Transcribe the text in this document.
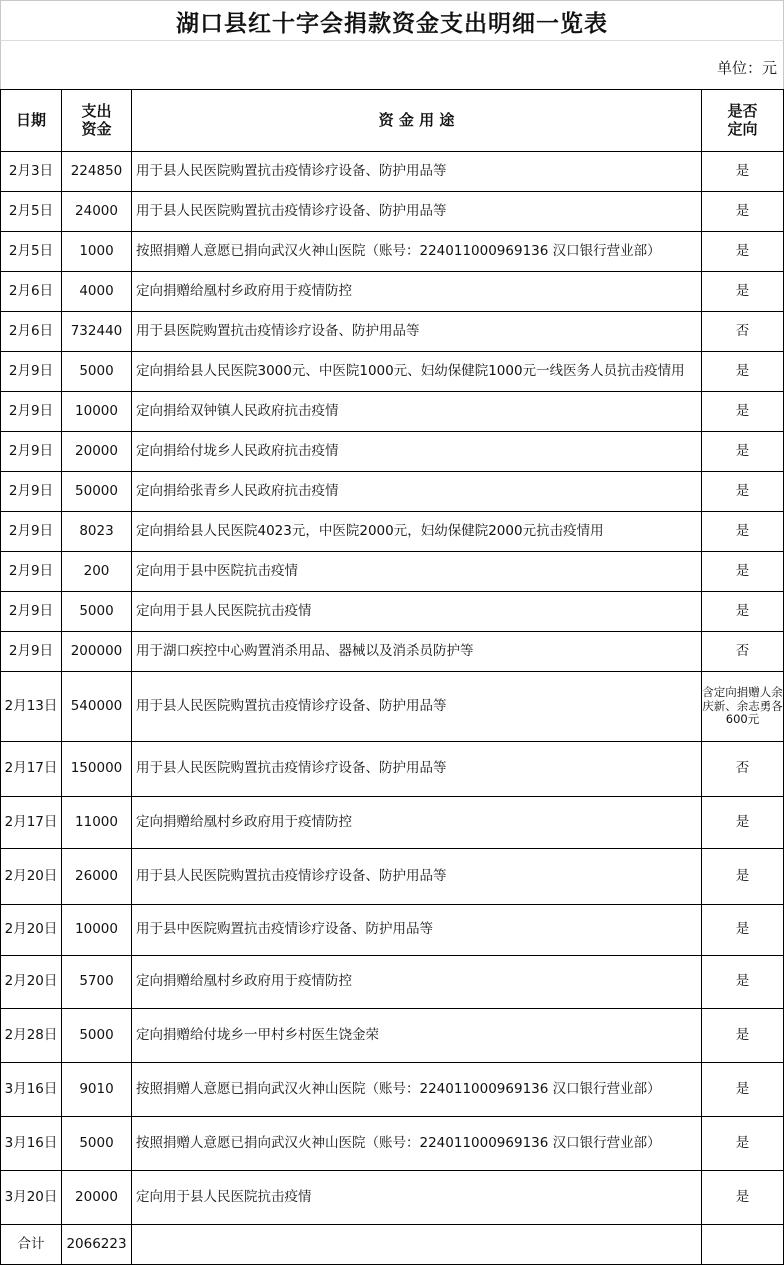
湖口县红十字会捐款资金支出明细一览表
单位：元
日期	支出资金	资 金 用 途	是否定向

2月3日	224850	用于县人民医院购置抗击疫情诊疗设备、防护用品等	是
2月5日	24000	用于县人民医院购置抗击疫情诊疗设备、防护用品等	是
2月5日	1000	按照捐赠人意愿已捐向武汉火神山医院（账号：224011000969136 汉口银行营业部）	是
2月6日	4000	定向捐赠给凰村乡政府用于疫情防控	是
2月6日	732440	用于县医院购置抗击疫情诊疗设备、防护用品等	否
2月9日	5000	定向捐给县人民医院3000元、中医院1000元、妇幼保健院1000元一线医务人员抗击疫情用	是
2月9日	10000	定向捐给双钟镇人民政府抗击疫情	是
2月9日	20000	定向捐给付垅乡人民政府抗击疫情	是
2月9日	50000	定向捐给张青乡人民政府抗击疫情	是
2月9日	8023	定向捐给县人民医院4023元，中医院2000元，妇幼保健院2000元抗击疫情用	是
2月9日	200	定向用于县中医院抗击疫情	是
2月9日	5000	定向用于县人民医院抗击疫情	是
2月9日	200000	用于湖口疾控中心购置消杀用品、器械以及消杀员防护等	否
2月13日	540000	用于县人民医院购置抗击疫情诊疗设备、防护用品等	含定向捐赠人余庆新、余志勇各600元
2月17日	150000	用于县人民医院购置抗击疫情诊疗设备、防护用品等	否
2月17日	11000	定向捐赠给凰村乡政府用于疫情防控	是
2月20日	26000	用于县人民医院购置抗击疫情诊疗设备、防护用品等	是
2月20日	10000	用于县中医院购置抗击疫情诊疗设备、防护用品等	是
2月20日	5700	定向捐赠给凰村乡政府用于疫情防控	是
2月28日	5000	定向捐赠给付垅乡一甲村乡村医生饶金荣	是
3月16日	9010	按照捐赠人意愿已捐向武汉火神山医院（账号：224011000969136 汉口银行营业部）	是
3月16日	5000	按照捐赠人意愿已捐向武汉火神山医院（账号：224011000969136 汉口银行营业部）	是
3月20日	20000	定向用于县人民医院抗击疫情	是
合计	2066223		
